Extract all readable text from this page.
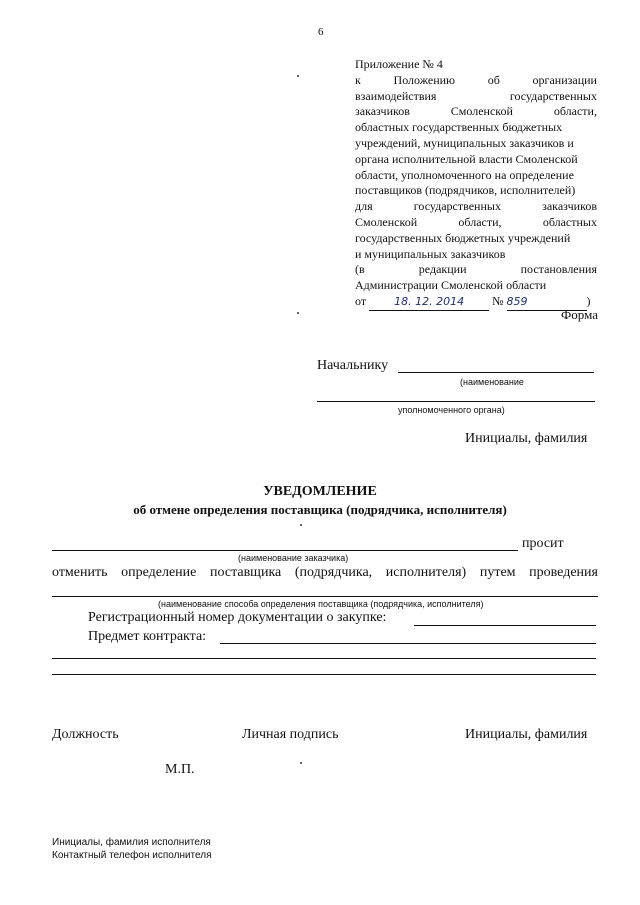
6
Приложение № 4
к	Положению	об	организации
взаимодействия	государственных
заказчиков	Смоленской	области,
областных государственных бюджетных
учреждений, муниципальных заказчиков и
органа исполнительной власти Смоленской
области, уполномоченного на определение
поставщиков (подрядчиков, исполнителей)
для	государственных	заказчиков
Смоленской	области,	областных
государственных бюджетных учреждений
и муниципальных заказчиков
(в	редакции	постановления
Администрации Смоленской области
от	18. 12. 2014 № 859	)
Форма
Начальнику
(наименование
уполномоченного органа)
Инициалы, фамилия
УВЕДОМЛЕНИЕ
об отмене определения поставщика (подрядчика, исполнителя)
просит
(наименование заказчика)
отменить определение поставщика (подрядчика, исполнителя) путем проведения
(наименование способа определения поставщика (подрядчика, исполнителя)
Регистрационный номер документации о закупке:
Предмет контракта:
Должность	Личная подпись	Инициалы, фамилия
М.П.
Инициалы, фамилия исполнителя
Контактный телефон исполнителя
